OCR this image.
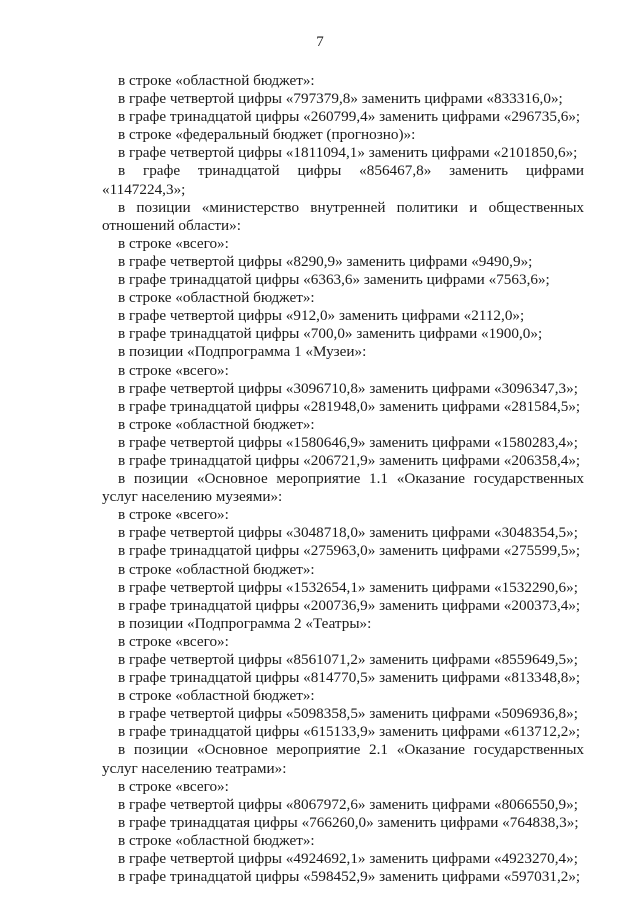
7
в строке «областной бюджет»:
в графе четвертой цифры «797379,8» заменить цифрами «833316,0»;
в графе тринадцатой цифры «260799,4» заменить цифрами «296735,6»;
в строке «федеральный бюджет (прогнозно)»:
в графе четвертой цифры «1811094,1» заменить цифрами «2101850,6»;
в графе тринадцатой цифры «856467,8» заменить цифрами
«1147224,3»;
в позиции «министерство внутренней политики и общественных
отношений области»:
в строке «всего»:
в графе четвертой цифры «8290,9» заменить цифрами «9490,9»;
в графе тринадцатой цифры «6363,6» заменить цифрами «7563,6»;
в строке «областной бюджет»:
в графе четвертой цифры «912,0» заменить цифрами «2112,0»;
в графе тринадцатой цифры «700,0» заменить цифрами «1900,0»;
в позиции «Подпрограмма 1 «Музеи»:
в строке «всего»:
в графе четвертой цифры «3096710,8» заменить цифрами «3096347,3»;
в графе тринадцатой цифры «281948,0» заменить цифрами «281584,5»;
в строке «областной бюджет»:
в графе четвертой цифры «1580646,9» заменить цифрами «1580283,4»;
в графе тринадцатой цифры «206721,9» заменить цифрами «206358,4»;
в позиции «Основное мероприятие 1.1 «Оказание государственных
услуг населению музеями»:
в строке «всего»:
в графе четвертой цифры «3048718,0» заменить цифрами «3048354,5»;
в графе тринадцатой цифры «275963,0» заменить цифрами «275599,5»;
в строке «областной бюджет»:
в графе четвертой цифры «1532654,1» заменить цифрами «1532290,6»;
в графе тринадцатой цифры «200736,9» заменить цифрами «200373,4»;
в позиции «Подпрограмма 2 «Театры»:
в строке «всего»:
в графе четвертой цифры «8561071,2» заменить цифрами «8559649,5»;
в графе тринадцатой цифры «814770,5» заменить цифрами «813348,8»;
в строке «областной бюджет»:
в графе четвертой цифры «5098358,5» заменить цифрами «5096936,8»;
в графе тринадцатой цифры «615133,9» заменить цифрами «613712,2»;
в позиции «Основное мероприятие 2.1 «Оказание государственных
услуг населению театрами»:
в строке «всего»:
в графе четвертой цифры «8067972,6» заменить цифрами «8066550,9»;
в графе тринадцатая цифры «766260,0» заменить цифрами «764838,3»;
в строке «областной бюджет»:
в графе четвертой цифры «4924692,1» заменить цифрами «4923270,4»;
в графе тринадцатой цифры «598452,9» заменить цифрами «597031,2»;
